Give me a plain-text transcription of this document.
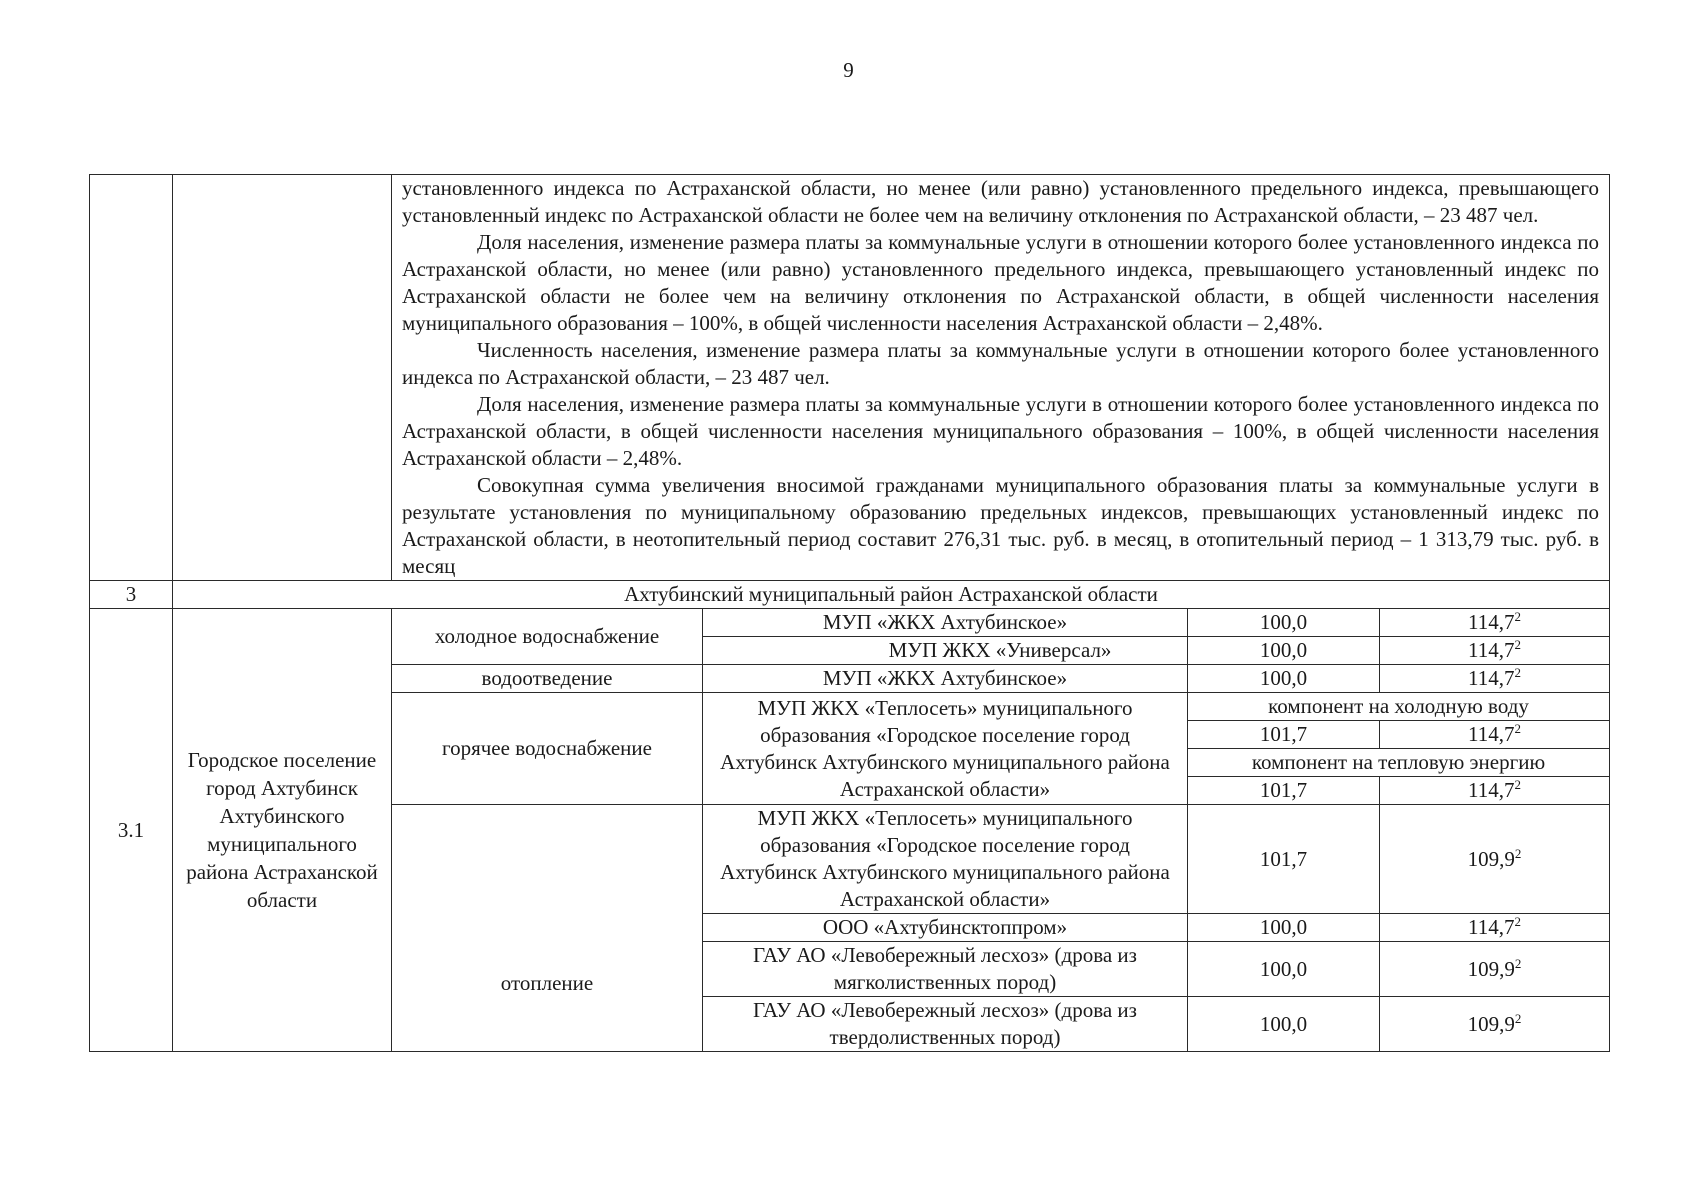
9

		установленного индекса по Астраханской области, но менее (или равно) установленного предельного индекса, превышающего установленный индекс по Астраханской области не более чем на величину отклонения по Астраханской области, – 23 487 чел.

Доля населения, изменение размера платы за коммунальные услуги в отношении которого более установленного индекса по Астраханской области, но менее (или равно) установленного предельного индекса, превышающего установленный индекс по Астраханской области не более чем на величину отклонения по Астраханской области, в общей численности населения муниципального образования – 100%, в общей численности населения Астраханской области – 2,48%.

Численность населения, изменение размера платы за коммунальные услуги в отношении которого более установленного индекса по Астраханской области, – 23 487 чел.

Доля населения, изменение размера платы за коммунальные услуги в отношении которого более установленного индекса по Астраханской области, в общей численности населения муниципального образования – 100%, в общей численности населения Астраханской области – 2,48%.

Совокупная сумма увеличения вносимой гражданами муниципального образования платы за коммунальные услуги в результате установления по муниципальному образованию предельных индексов, превышающих установленный индекс по Астраханской области, в неотопительный период составит 276,31 тыс. руб. в месяц, в отопительный период – 1 313,79 тыс. руб. в месяц			

3	Ахтубинский муниципальный район Астраханской области				
3.1	Городское поселение город Ахтубинск Ахтубинского муниципального района Астраханской области	холодное водоснабжение	МУП «ЖКХ Ахтубинское»	100,0	114,7$^2$
			МУП ЖКХ «Универсал»	100,0	114,7$^2$
		водоотведение	МУП «ЖКХ Ахтубинское»	100,0	114,7$^2$
		горячее водоснабжение	МУП ЖКХ «Теплосеть» муниципального образования «Городское поселение город Ахтубинск Ахтубинского муниципального района Астраханской области»	компонент на холодную воду	
				101,7	114,7$^2$
				компонент на тепловую энергию	
				101,7	114,7$^2$
		отопление	МУП ЖКХ «Теплосеть» муниципального образования «Городское поселение город Ахтубинск Ахтубинского муниципального района Астраханской области»	101,7	109,9$^2$
			ООО «Ахтубинсктоппром»	100,0	114,7$^2$
			ГАУ АО «Левобережный лесхоз» (дрова из мягколиственных пород)	100,0	109,9$^2$
			ГАУ АО «Левобережный лесхоз» (дрова из твердолиственных пород)	100,0	109,9$^2$
